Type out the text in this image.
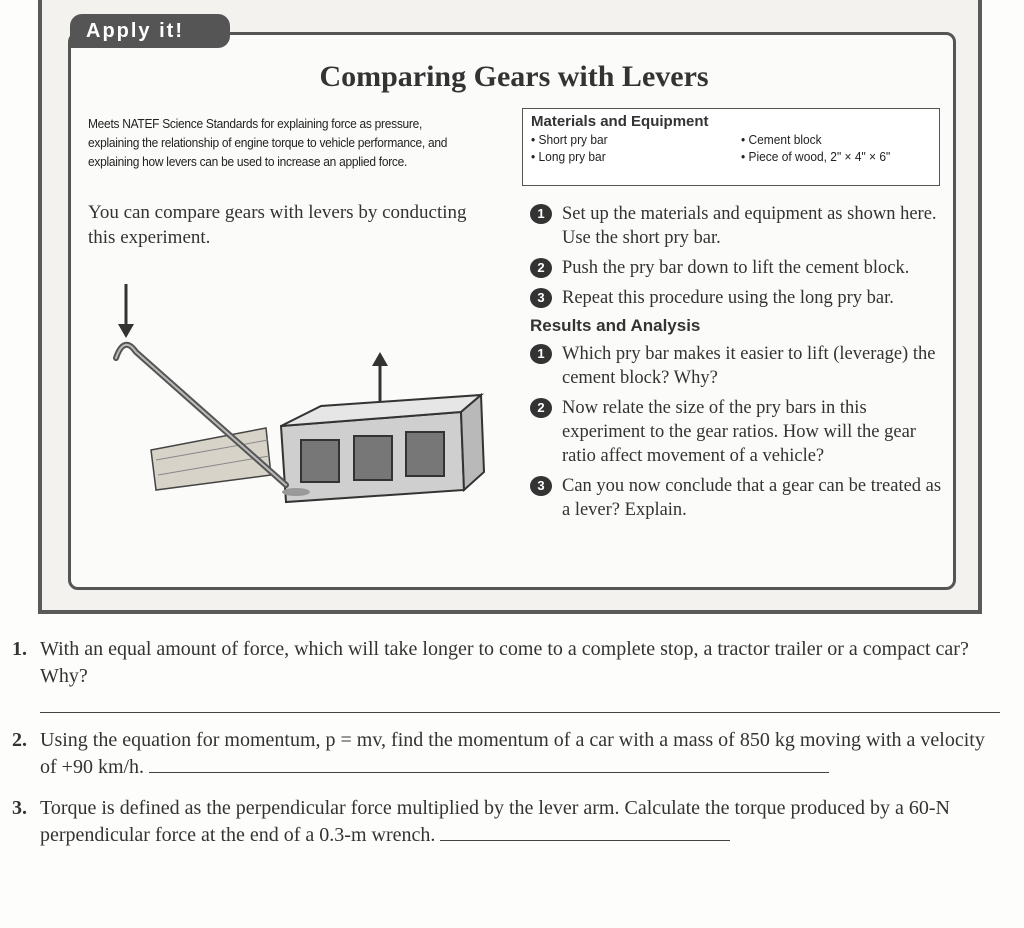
Apply it!
Comparing Gears with Levers
Meets NATEF Science Standards for explaining force as pressure, explaining the relationship of engine torque to vehicle performance, and explaining how levers can be used to increase an applied force.
Materials and Equipment
• Short pry bar	• Cement block
• Long pry bar	• Piece of wood, 2" × 4" × 6"
You can compare gears with levers by conducting this experiment.
1 Set up the materials and equipment as shown here. Use the short pry bar.
2 Push the pry bar down to lift the cement block.
3 Repeat this procedure using the long pry bar.
Results and Analysis
1 Which pry bar makes it easier to lift (leverage) the cement block? Why?
2 Now relate the size of the pry bars in this experiment to the gear ratios. How will the gear ratio affect movement of a vehicle?
3 Can you now conclude that a gear can be treated as a lever? Explain.
1. With an equal amount of force, which will take longer to come to a complete stop, a tractor trailer or a compact car? Why?
2. Using the equation for momentum, p = mv, find the momentum of a car with a mass of 850 kg moving with a velocity of +90 km/h.
3. Torque is defined as the perpendicular force multiplied by the lever arm. Calculate the torque produced by a 60-N perpendicular force at the end of a 0.3-m wrench.
